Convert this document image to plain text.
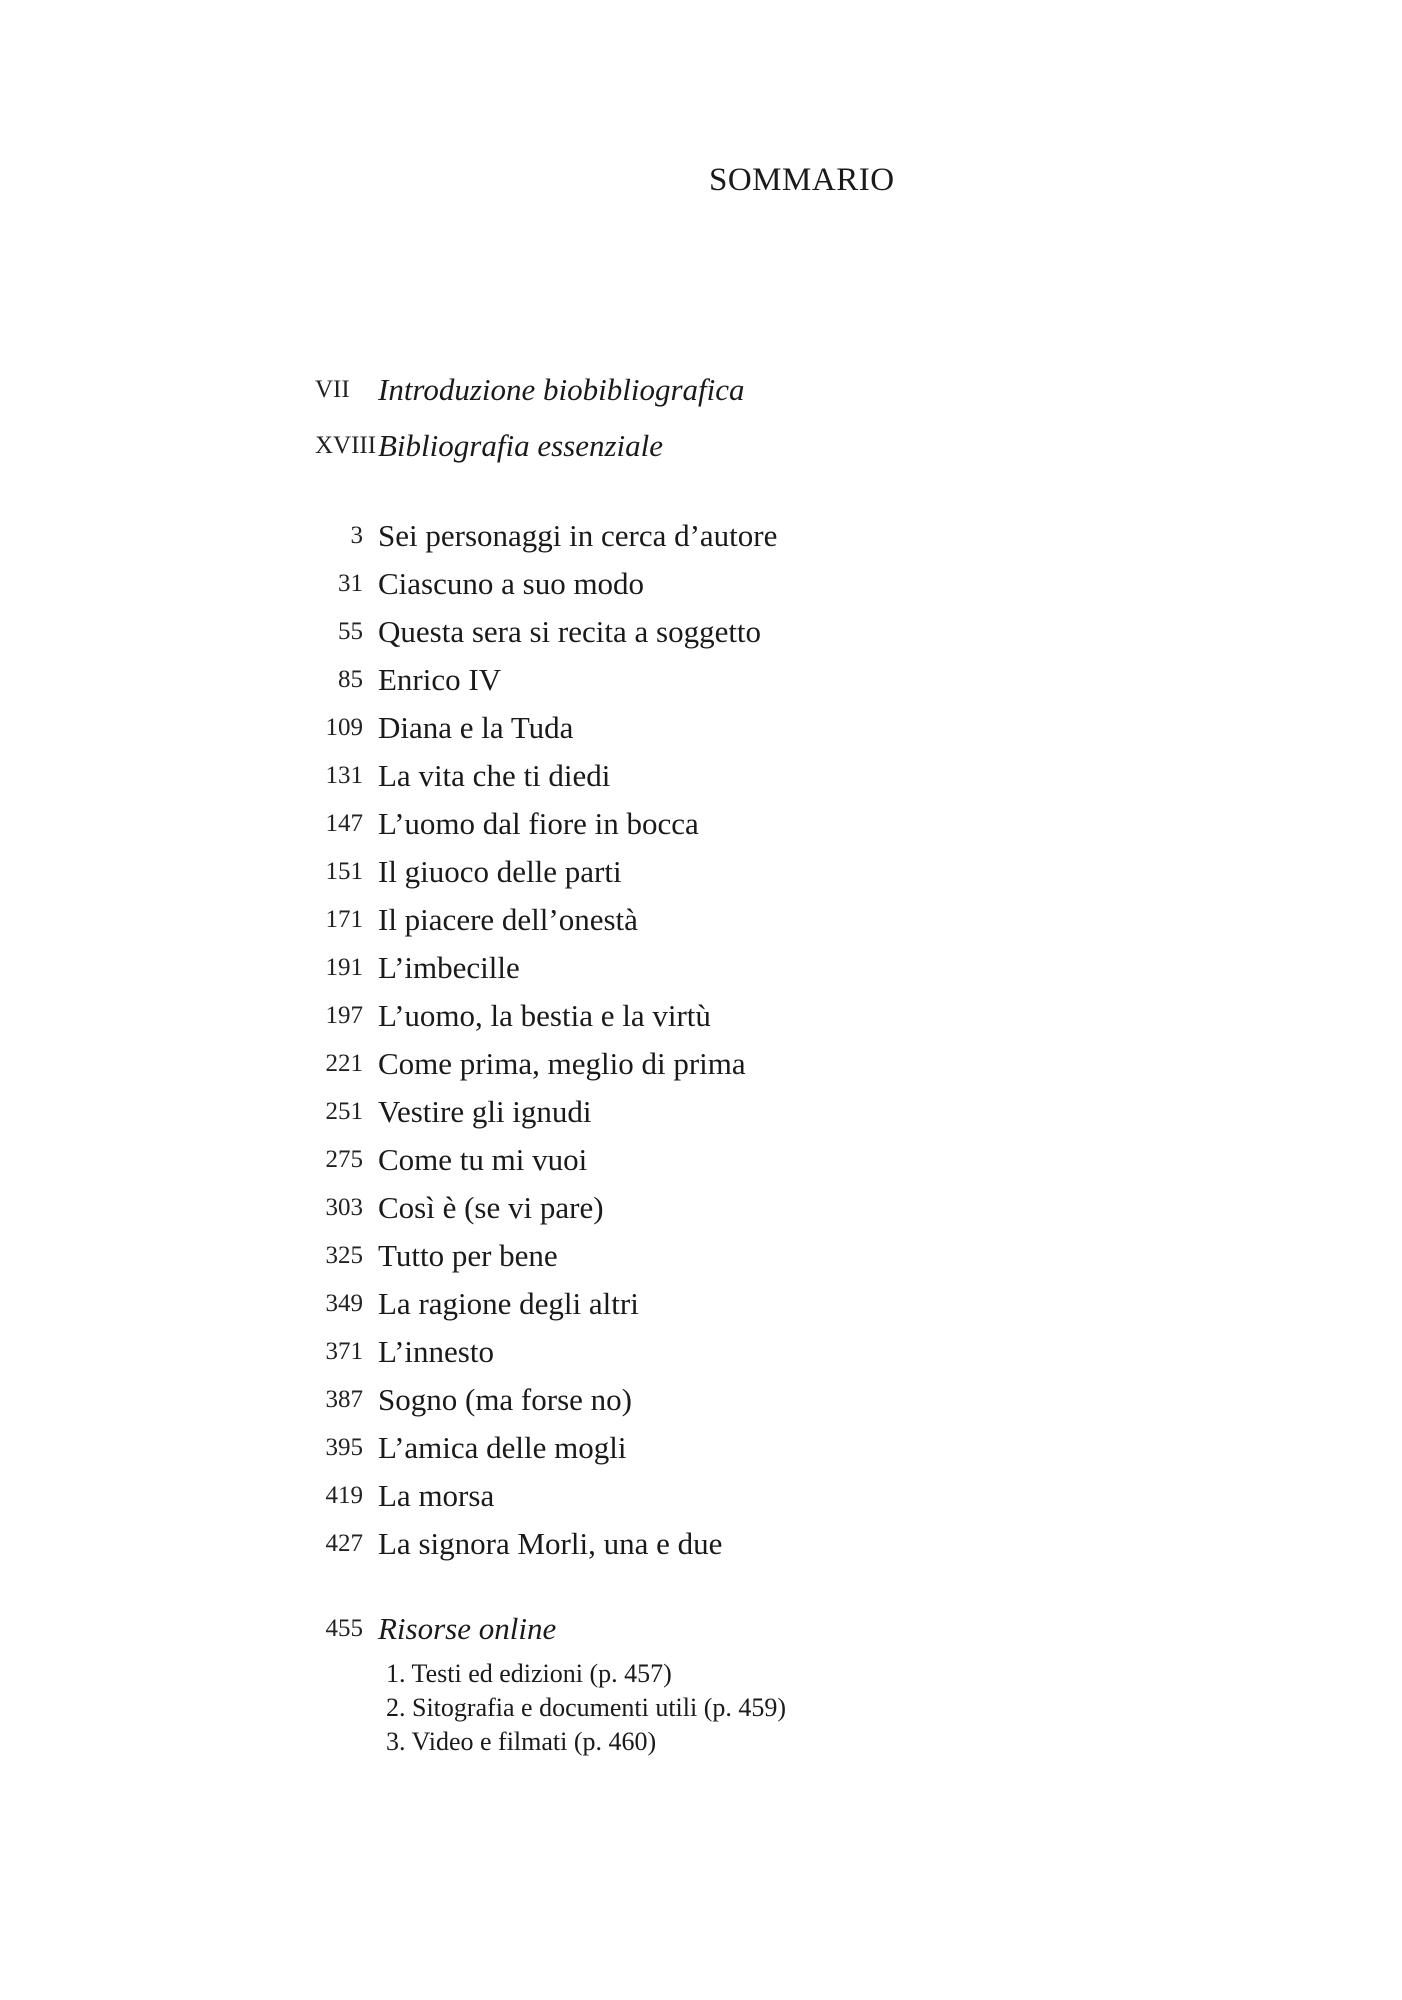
SOMMARIO
VII Introduzione biobibliografica
XVIII Bibliografia essenziale
3 Sei personaggi in cerca d’autore
31 Ciascuno a suo modo
55 Questa sera si recita a soggetto
85 Enrico IV
109 Diana e la Tuda
131 La vita che ti diedi
147 L’uomo dal fiore in bocca
151 Il giuoco delle parti
171 Il piacere dell’onestà
191 L’imbecille
197 L’uomo, la bestia e la virtù
221 Come prima, meglio di prima
251 Vestire gli ignudi
275 Come tu mi vuoi
303 Così è (se vi pare)
325 Tutto per bene
349 La ragione degli altri
371 L’innesto
387 Sogno (ma forse no)
395 L’amica delle mogli
419 La morsa
427 La signora Morli, una e due
455 Risorse online
1. Testi ed edizioni (p. 457)
2. Sitografia e documenti utili (p. 459)
3. Video e filmati (p. 460)
